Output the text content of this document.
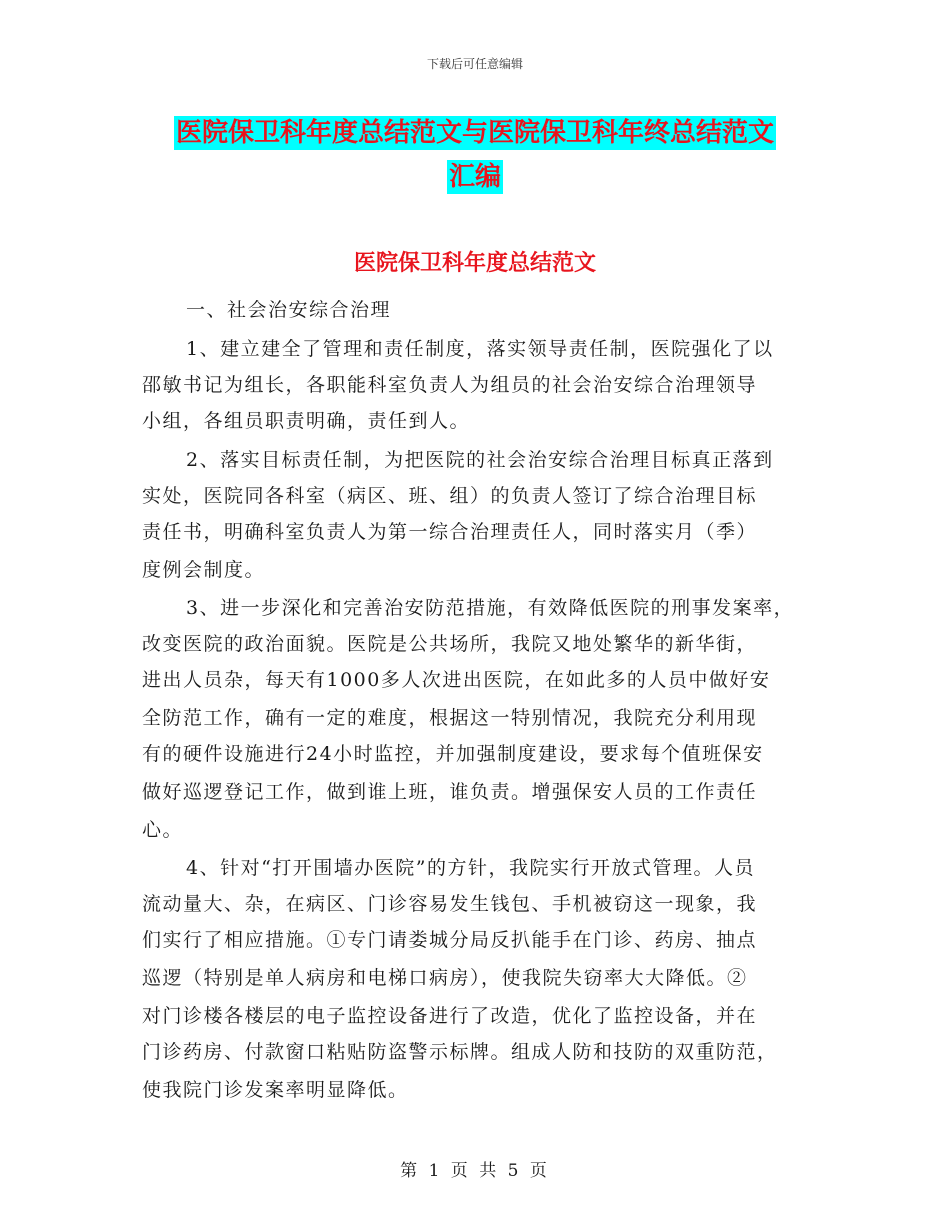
下载后可任意编辑
医院保卫科年度总结范文与医院保卫科年终总结范文
汇编
医院保卫科年度总结范文
一、社会治安综合治理
1、建立建全了管理和责任制度，落实领导责任制，医院强化了以
邵敏书记为组长，各职能科室负责人为组员的社会治安综合治理领导
小组，各组员职责明确，责任到人。
2、落实目标责任制，为把医院的社会治安综合治理目标真正落到
实处，医院同各科室（病区、班、组）的负责人签订了综合治理目标
责任书，明确科室负责人为第一综合治理责任人，同时落实月（季）
度例会制度。
3、进一步深化和完善治安防范措施，有效降低医院的刑事发案率，
改变医院的政治面貌。医院是公共场所，我院又地处繁华的新华街，
进出人员杂，每天有1000多人次进出医院，在如此多的人员中做好安
全防范工作，确有一定的难度，根据这一特别情况，我院充分利用现
有的硬件设施进行24小时监控，并加强制度建设，要求每个值班保安
做好巡逻登记工作，做到谁上班，谁负责。增强保安人员的工作责任
心。
4、针对“打开围墙办医院”的方针，我院实行开放式管理。人员
流动量大、杂，在病区、门诊容易发生钱包、手机被窃这一现象，我
们实行了相应措施。①专门请娄城分局反扒能手在门诊、药房、抽点
巡逻（特别是单人病房和电梯口病房），使我院失窃率大大降低。②
对门诊楼各楼层的电子监控设备进行了改造，优化了监控设备，并在
门诊药房、付款窗口粘贴防盗警示标牌。组成人防和技防的双重防范，
使我院门诊发案率明显降低。
第 1 页 共 5 页
